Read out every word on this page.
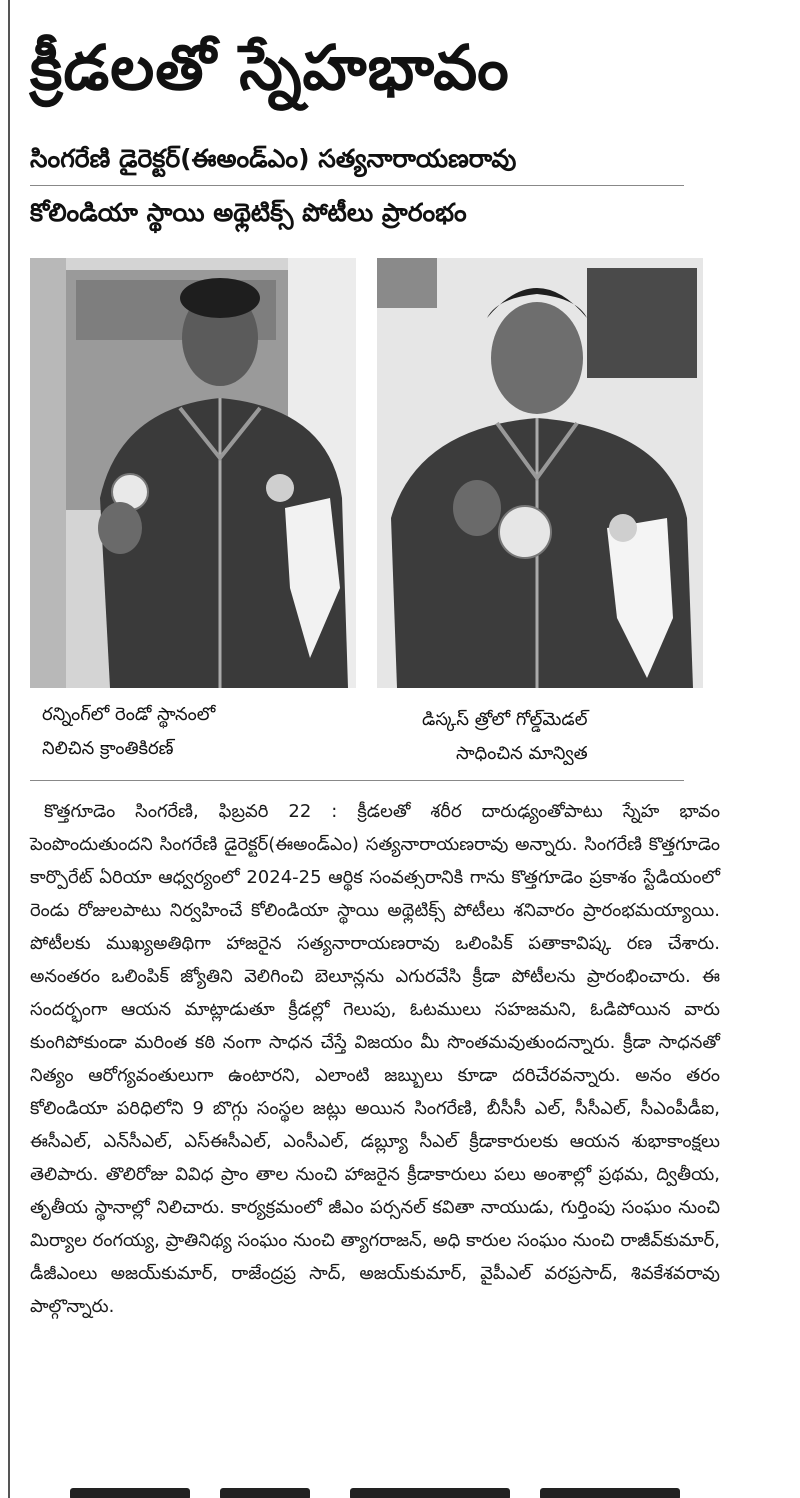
క్రీడలతో స్నేహభావం
సింగరేణి డైరెక్టర్(ఈఅండ్ఎం) సత్యనారాయణరావు
కోలిండియా స్థాయి అథ్లెటిక్స్ పోటీలు ప్రారంభం
రన్నింగ్‌లో రెండో స్థానంలో
నిలిచిన క్రాంతికిరణ్
డిస్కస్ త్రోలో గోల్డ్‌మెడల్
సాధించిన మాన్విత

కొత్తగూడెం సింగరేణి, ఫిబ్రవరి 22 : క్రీడలతో శరీర దారుఢ్యంతోపాటు స్నేహ భావం పెంపొందుతుందని సింగరేణి డైరెక్టర్(ఈఅండ్ఎం) సత్యనారాయణరావు అన్నారు. సింగరేణి కొత్తగూడెం కార్పొరేట్ ఏరియా ఆధ్వర్యంలో 2024-25 ఆర్థిక సంవత్సరానికి గాను కొత్తగూడెం ప్రకాశం స్టేడియంలో రెండు రోజులపాటు నిర్వహించే కోలిండియా స్థాయి అథ్లెటిక్స్ పోటీలు శనివారం ప్రారంభమయ్యాయి. పోటీలకు ముఖ్యఅతిథిగా హాజరైన సత్యనారాయణరావు ఒలింపిక్ పతాకావిష్క రణ చేశారు. అనంతరం ఒలింపిక్ జ్యోతిని వెలిగించి బెలూన్లను ఎగురవేసి క్రీడా పోటీలను ప్రారంభించారు. ఈ సందర్భంగా ఆయన మాట్లాడుతూ క్రీడల్లో గెలుపు, ఓటములు సహజమని, ఓడిపోయిన వారు కుంగిపోకుండా మరింత కఠి నంగా సాధన చేస్తే విజయం మీ సొంతమవుతుందన్నారు. క్రీడా సాధనతో నిత్యం ఆరోగ్యవంతులుగా ఉంటారని, ఎలాంటి జబ్బులు కూడా దరిచేరవన్నారు. అనం తరం కోలిండియా పరిధిలోని 9 బొగ్గు సంస్థల జట్లు అయిన సింగరేణి, బీసీసీ ఎల్, సీసీఎల్, సీఎంపీడీఐ, ఈసీఎల్, ఎన్‌సీఎల్, ఎస్ఈసీఎల్, ఎంసీఎల్, డబ్ల్యూ సీఎల్ క్రీడాకారులకు ఆయన శుభాకాంక్షలు తెలిపారు. తొలిరోజు వివిధ ప్రాం తాల నుంచి హాజరైన క్రీడాకారులు పలు అంశాల్లో ప్రథమ, ద్వితీయ, తృతీయ స్థానాల్లో నిలిచారు. కార్యక్రమంలో జీఎం పర్సనల్ కవితా నాయుడు, గుర్తింపు సంఘం నుంచి మిర్యాల రంగయ్య, ప్రాతినిథ్య సంఘం నుంచి త్యాగరాజన్, అధి కారుల సంఘం నుంచి రాజీవ్‌కుమార్, డీజీఎంలు అజయ్‌కుమార్, రాజేంద్రప్ర సాద్, అజయ్‌కుమార్, వైపీఎల్ వరప్రసాద్, శివకేశవరావు పాల్గొన్నారు.
